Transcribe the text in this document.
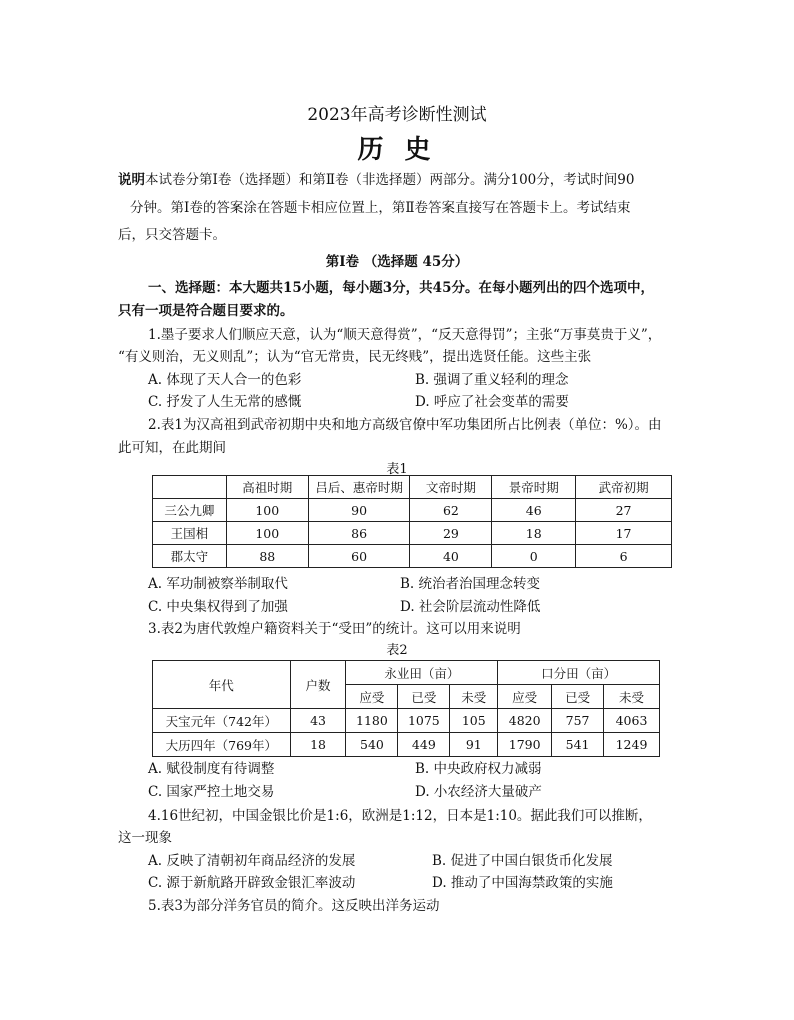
2023年高考诊断性测试
历 史
说明本试卷分第Ⅰ卷（选择题）和第Ⅱ卷（非选择题）两部分。满分100分，考试时间90
分钟。第Ⅰ卷的答案涂在答题卡相应位置上，第Ⅱ卷答案直接写在答题卡上。考试结束
后，只交答题卡。
第Ⅰ卷 （选择题 45分）
一、选择题：本大题共15小题，每小题3分，共45分。在每小题列出的四个选项中，
只有一项是符合题目要求的。
1.墨子要求人们顺应天意，认为“顺天意得赏”，“反天意得罚”；主张“万事莫贵于义”，
“有义则治，无义则乱”；认为“官无常贵，民无终贱”，提出选贤任能。这些主张
A. 体现了天人合一的色彩	B. 强调了重义轻利的理念
C. 抒发了人生无常的感慨	D. 呼应了社会变革的需要
2.表1为汉高祖到武帝初期中央和地方高级官僚中军功集团所占比例表（单位：%）。由
此可知，在此期间
表1
	高祖时期	吕后、惠帝时期	文帝时期	景帝时期	武帝初期
三公九卿	100	90	62	46	27
王国相	100	86	29	18	17
郡太守	88	60	40	0	6
A. 军功制被察举制取代	B. 统治者治国理念转变
C. 中央集权得到了加强	D. 社会阶层流动性降低
3.表2为唐代敦煌户籍资料关于“受田”的统计。这可以用来说明
表2
年代	户数	永业田（亩）			口分田（亩）		
		应受	已受	未受	应受	已受	未受
天宝元年（742年）	43	1180	1075	105	4820	757	4063
大历四年（769年）	18	540	449	91	1790	541	1249
A. 赋役制度有待调整	B. 中央政府权力减弱
C. 国家严控土地交易	D. 小农经济大量破产
4.16世纪初，中国金银比价是1:6，欧洲是1:12，日本是1:10。据此我们可以推断，
这一现象
A. 反映了清朝初年商品经济的发展	B. 促进了中国白银货币化发展
C. 源于新航路开辟致金银汇率波动	D. 推动了中国海禁政策的实施
5.表3为部分洋务官员的简介。这反映出洋务运动
